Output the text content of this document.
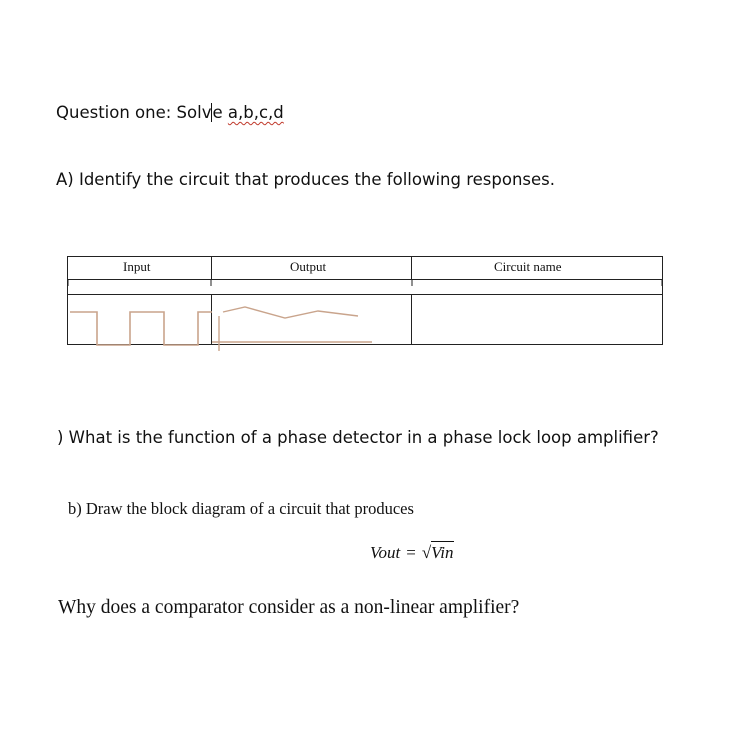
Question one: Solve a,b,c,d
A) Identify the circuit that produces the following responses.
Input	Output	Circuit name

) What is the function of a phase detector in a phase lock loop amplifier?
b) Draw the block diagram of a circuit that produces
Vout = √Vin
Why does a comparator consider as a non-linear amplifier?
